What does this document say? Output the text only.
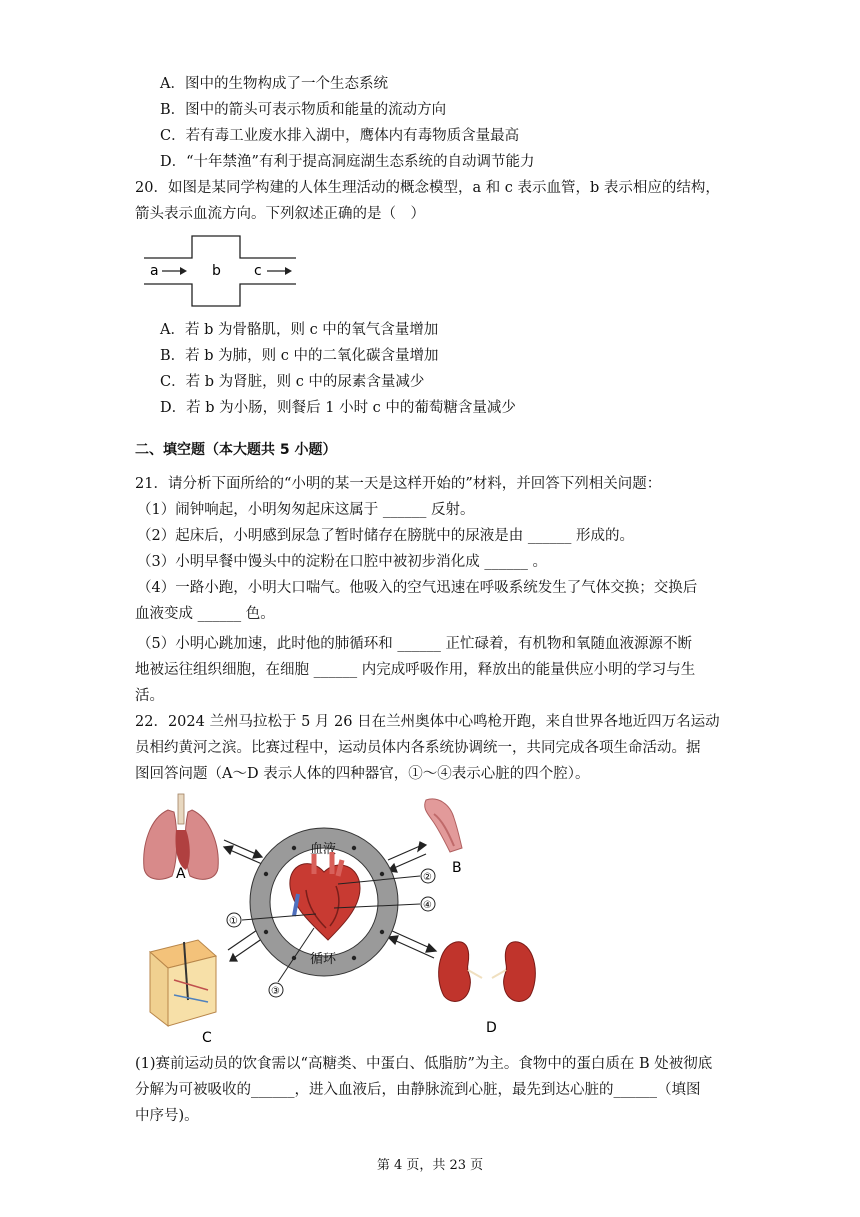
A．图中的生物构成了一个生态系统
B．图中的箭头可表示物质和能量的流动方向
C．若有毒工业废水排入湖中，鹰体内有毒物质含量最高
D．“十年禁渔”有利于提高洞庭湖生态系统的自动调节能力
20．如图是某同学构建的人体生理活动的概念模型，a 和 c 表示血管，b 表示相应的结构，
箭头表示血流方向。下列叙述正确的是（　）
a	b c
A．若 b 为骨骼肌，则 c 中的氧气含量增加
B．若 b 为肺，则 c 中的二氧化碳含量增加
C．若 b 为肾脏，则 c 中的尿素含量减少
D．若 b 为小肠，则餐后 1 小时 c 中的葡萄糖含量减少
二、填空题（本大题共 5 小题）
21．请分析下面所给的“小明的某一天是这样开始的”材料，并回答下列相关问题：
（1）闹钟响起，小明匆匆起床这属于 ______ 反射。
（2）起床后，小明感到尿急了暂时储存在膀胱中的尿液是由 ______ 形成的。
（3）小明早餐中馒头中的淀粉在口腔中被初步消化成 ______ 。
（4）一路小跑，小明大口喘气。他吸入的空气迅速在呼吸系统发生了气体交换；交换后
血液变成 ______ 色。
（5）小明心跳加速，此时他的肺循环和 ______ 正忙碌着，有机物和氧随血液源源不断
地被运往组织细胞，在细胞 ______ 内完成呼吸作用，释放出的能量供应小明的学习与生
活。
22．2024 兰州马拉松于 5 月 26 日在兰州奥体中心鸣枪开跑，来自世界各地近四万名运动
员相约黄河之滨。比赛过程中，运动员体内各系统协调统一，共同完成各项生命活动。据
图回答问题（A～D 表示人体的四种器官，①～④表示心脏的四个腔）。
A	B
C
D
血液
循环
①
②
③
④
(1)赛前运动员的饮食需以“高糖类、中蛋白、低脂肪”为主。食物中的蛋白质在 B 处被彻底
分解为可被吸收的______，进入血液后，由静脉流到心脏，最先到达心脏的______（填图
中序号)。
第 4 页，共 23 页
